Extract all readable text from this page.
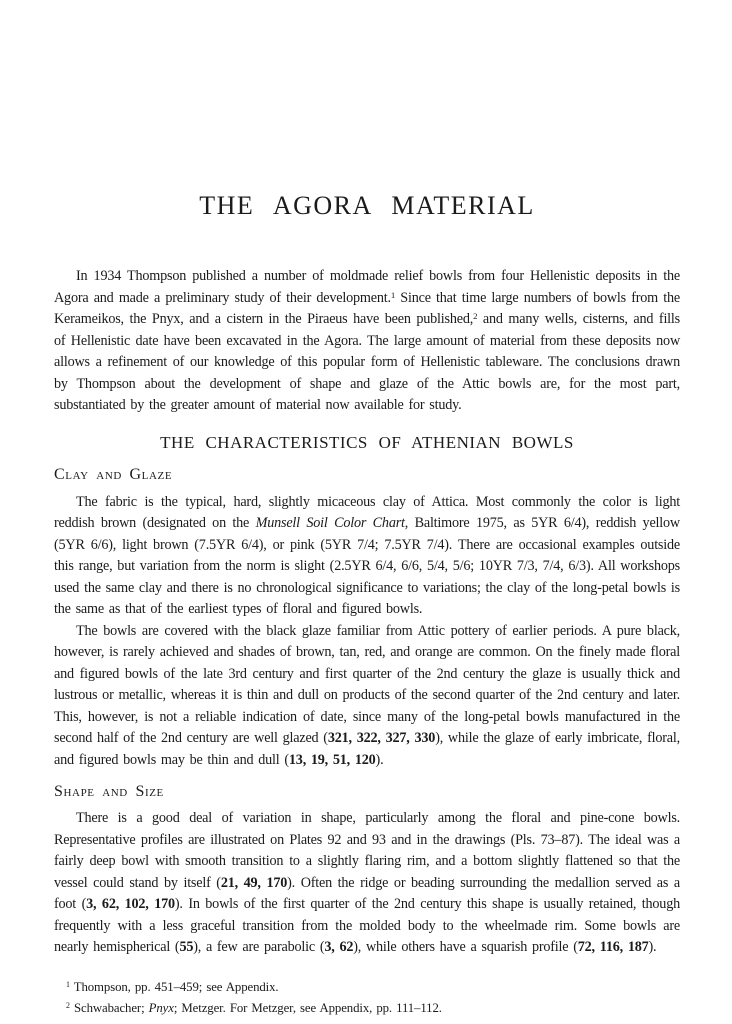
THE AGORA MATERIAL

In 1934 Thompson published a number of moldmade relief bowls from four Hellenistic deposits in the Agora and made a preliminary study of their development.$^1$ Since that time large numbers of bowls from the Kerameikos, the Pnyx, and a cistern in the Piraeus have been published,$^2$ and many wells, cisterns, and fills of Hellenistic date have been excavated in the Agora. The large amount of material from these deposits now allows a refinement of our knowledge of this popular form of Hellenistic tableware. The conclusions drawn by Thompson about the development of shape and glaze of the Attic bowls are, for the most part, substantiated by the greater amount of material now available for study.

THE CHARACTERISTICS OF ATHENIAN BOWLS
Clay and Glaze

The fabric is the typical, hard, slightly micaceous clay of Attica. Most commonly the color is light reddish brown (designated on the Munsell Soil Color Chart, Baltimore 1975, as 5YR 6/4), reddish yellow (5YR 6/6), light brown (7.5YR 6/4), or pink (5YR 7/4; 7.5YR 7/4). There are occasional examples outside this range, but variation from the norm is slight (2.5YR 6/4, 6/6, 5/4, 5/6; 10YR 7/3, 7/4, 6/3). All workshops used the same clay and there is no chronological significance to variations; the clay of the long-petal bowls is the same as that of the earliest types of floral and figured bowls.

The bowls are covered with the black glaze familiar from Attic pottery of earlier periods. A pure black, however, is rarely achieved and shades of brown, tan, red, and orange are common. On the finely made floral and figured bowls of the late 3rd century and first quarter of the 2nd century the glaze is usually thick and lustrous or metallic, whereas it is thin and dull on products of the second quarter of the 2nd century and later. This, however, is not a reliable indication of date, since many of the long-petal bowls manufactured in the second half of the 2nd century are well glazed (321, 322, 327, 330), while the glaze of early imbricate, floral, and figured bowls may be thin and dull (13, 19, 51, 120).

Shape and Size

There is a good deal of variation in shape, particularly among the floral and pine-cone bowls. Representative profiles are illustrated on Plates 92 and 93 and in the drawings (Pls. 73–87). The ideal was a fairly deep bowl with smooth transition to a slightly flaring rim, and a bottom slightly flattened so that the vessel could stand by itself (21, 49, 170). Often the ridge or beading surrounding the medallion served as a foot (3, 62, 102, 170). In bowls of the first quarter of the 2nd century this shape is usually retained, though frequently with a less graceful transition from the molded body to the wheelmade rim. Some bowls are nearly hemispherical (55), a few are parabolic (3, 62), while others have a squarish profile (72, 116, 187).

$^1$ Thompson, pp. 451–459; see Appendix.

$^2$ Schwabacher; Pnyx; Metzger. For Metzger, see Appendix, pp. 111–112.
